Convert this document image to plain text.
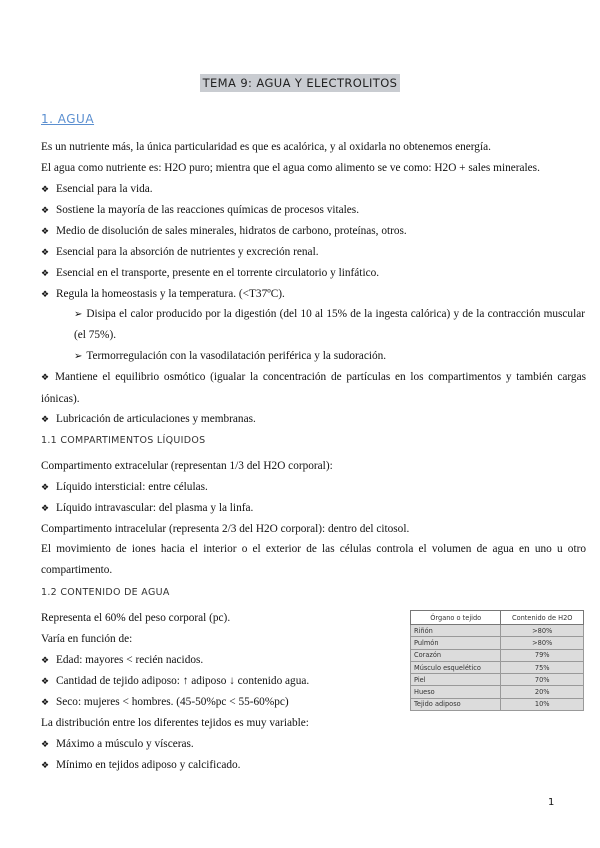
TEMA 9: AGUA Y ELECTROLITOS
1. AGUA
Es un nutriente más, la única particularidad es que es acalórica, y al oxidarla no obtenemos energía.
El agua como nutriente es: H2O puro; mientra que el agua como alimento se ve como: H2O + sales minerales.
❖ Esencial para la vida.
❖ Sostiene la mayoría de las reacciones químicas de procesos vitales.
❖ Medio de disolución de sales minerales, hidratos de carbono, proteínas, otros.
❖ Esencial para la absorción de nutrientes y excreción renal.
❖ Esencial en el transporte, presente en el torrente circulatorio y linfático.
❖ Regula la homeostasis y la temperatura. (<T37ºC).
➢ Disipa el calor producido por la digestión (del 10 al 15% de la ingesta calórica) y de la contracción muscular (el 75%).
➢ Termorregulación con la vasodilatación periférica y la sudoración.
❖ Mantiene el equilibrio osmótico (igualar la concentración de partículas en los compartimentos y también cargas iónicas).
❖ Lubricación de articulaciones y membranas.
1.1 COMPARTIMENTOS LÍQUIDOS
Compartimento extracelular (representan 1/3 del H2O corporal):
❖ Líquido intersticial: entre células.
❖ Líquido intravascular: del plasma y la linfa.
Compartimento intracelular (representa 2/3 del H2O corporal): dentro del citosol.
El movimiento de iones hacia el interior o el exterior de las células controla el volumen de agua en uno u otro compartimento.
1.2 CONTENIDO DE AGUA
Representa el 60% del peso corporal (pc).
Varía en función de:
❖ Edad: mayores < recién nacidos.
❖ Cantidad de tejido adiposo: ↑ adiposo ↓ contenido agua.
❖ Seco: mujeres < hombres. (45-50%pc < 55-60%pc)
La distribución entre los diferentes tejidos es muy variable:
❖ Máximo a músculo y vísceras.
❖ Mínimo en tejidos adiposo y calcificado.
Órgano o tejido	Contenido de H2O
Riñón	>80%
Pulmón	>80%
Corazón	79%
Músculo esquelético	75%
Piel	70%
Hueso	20%
Tejido adiposo	10%
1
